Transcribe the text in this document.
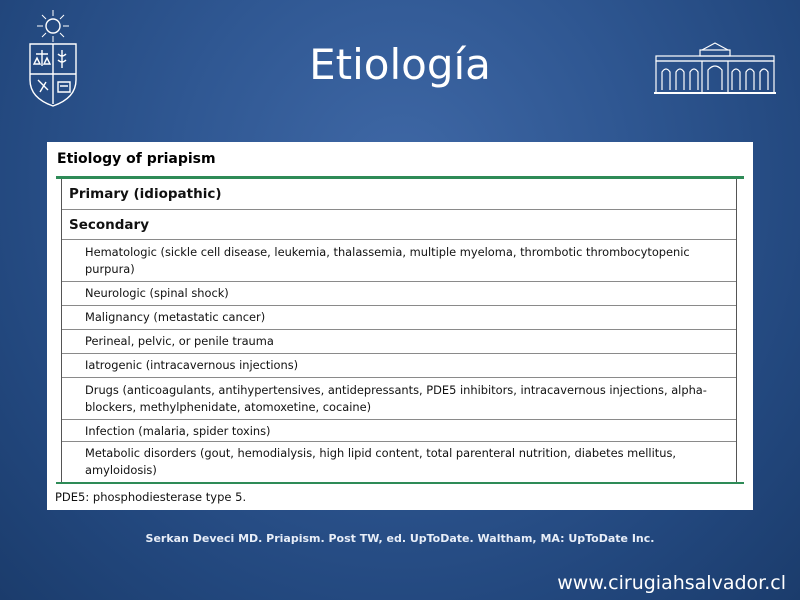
Etiología
Etiology of priapism
Primary (idiopathic)
Secondary
Hematologic (sickle cell disease, leukemia, thalassemia, multiple myeloma, thrombotic thrombocytopenic purpura)
Neurologic (spinal shock)
Malignancy (metastatic cancer)
Perineal, pelvic, or penile trauma
Iatrogenic (intracavernous injections)
Drugs (anticoagulants, antihypertensives, antidepressants, PDE5 inhibitors, intracavernous injections, alpha-blockers, methylphenidate, atomoxetine, cocaine)
Infection (malaria, spider toxins)
Metabolic disorders (gout, hemodialysis, high lipid content, total parenteral nutrition, diabetes mellitus, amyloidosis)
PDE5: phosphodiesterase type 5.
Serkan Deveci MD. Priapism. Post TW, ed. UpToDate. Waltham, MA: UpToDate Inc.
www.cirugiahsalvador.cl
